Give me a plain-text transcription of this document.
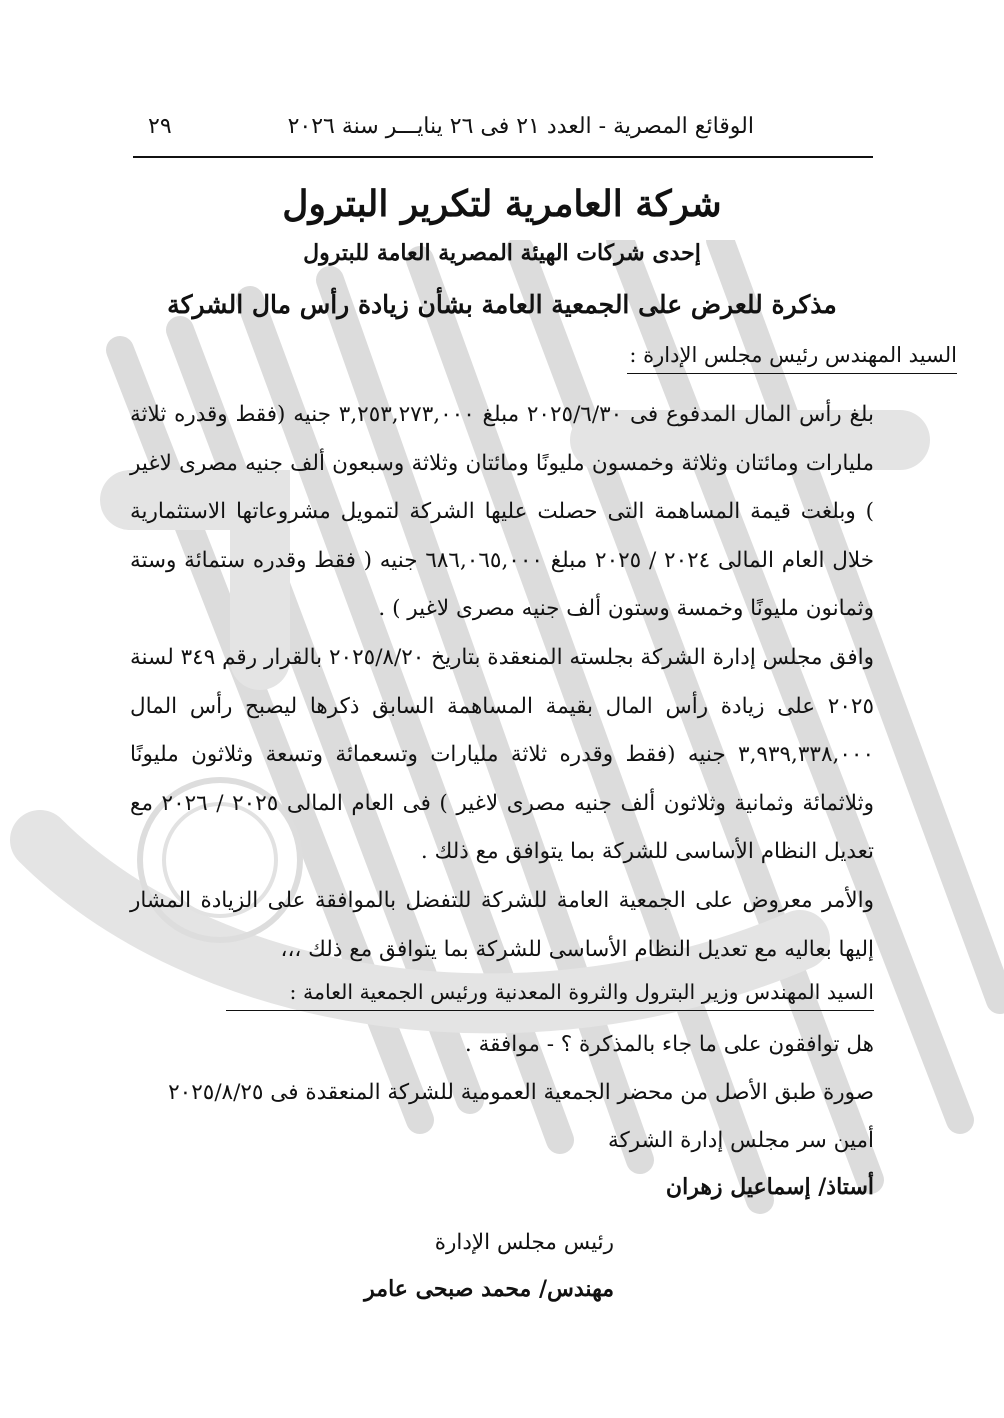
الوقائع المصرية - العدد ٢١ فى ٢٦ ينايـــر سنة ٢٠٢٦
٢٩
شركة العامرية لتكرير البترول
إحدى شركات الهيئة المصرية العامة للبترول
مذكرة للعرض على الجمعية العامة بشأن زيادة رأس مال الشركة
السيد المهندس رئيس مجلس الإدارة :
بلغ رأس المال المدفوع فى ٢٠٢٥/٦/٣٠ مبلغ ٣,٢٥٣,٢٧٣,٠٠٠ جنيه (فقط وقدره ثلاثة مليارات ومائتان وثلاثة وخمسون مليونًا ومائتان وثلاثة وسبعون ألف جنيه مصرى لاغير ) وبلغت قيمة المساهمة التى حصلت عليها الشركة لتمويل مشروعاتها الاستثمارية خلال العام المالى ٢٠٢٤ / ٢٠٢٥ مبلغ ٦٨٦,٠٦٥,٠٠٠ جنيه ( فقط وقدره ستمائة وستة وثمانون مليونًا وخمسة وستون ألف جنيه مصرى لاغير ) .
وافق مجلس إدارة الشركة بجلسته المنعقدة بتاريخ ٢٠٢٥/٨/٢٠ بالقرار رقم ٣٤٩ لسنة ٢٠٢٥ على زيادة رأس المال بقيمة المساهمة السابق ذكرها ليصبح رأس المال ٣,٩٣٩,٣٣٨,٠٠٠ جنيه (فقط وقدره ثلاثة مليارات وتسعمائة وتسعة وثلاثون مليونًا وثلاثمائة وثمانية وثلاثون ألف جنيه مصرى لاغير ) فى العام المالى ٢٠٢٥ / ٢٠٢٦ مع تعديل النظام الأساسى للشركة بما يتوافق مع ذلك .
والأمر معروض على الجمعية العامة للشركة للتفضل بالموافقة على الزيادة المشار إليها بعاليه مع تعديل النظام الأساسى للشركة بما يتوافق مع ذلك ،،،
السيد المهندس وزير البترول والثروة المعدنية ورئيس الجمعية العامة :
هل توافقون على ما جاء بالمذكرة ؟ - موافقة .
صورة طبق الأصل من محضر الجمعية العمومية للشركة المنعقدة فى ٢٠٢٥/٨/٢٥
أمين سر مجلس إدارة الشركة
أستاذ/ إسماعيل زهران
رئيس مجلس الإدارة
مهندس/ محمد صبحى عامر
